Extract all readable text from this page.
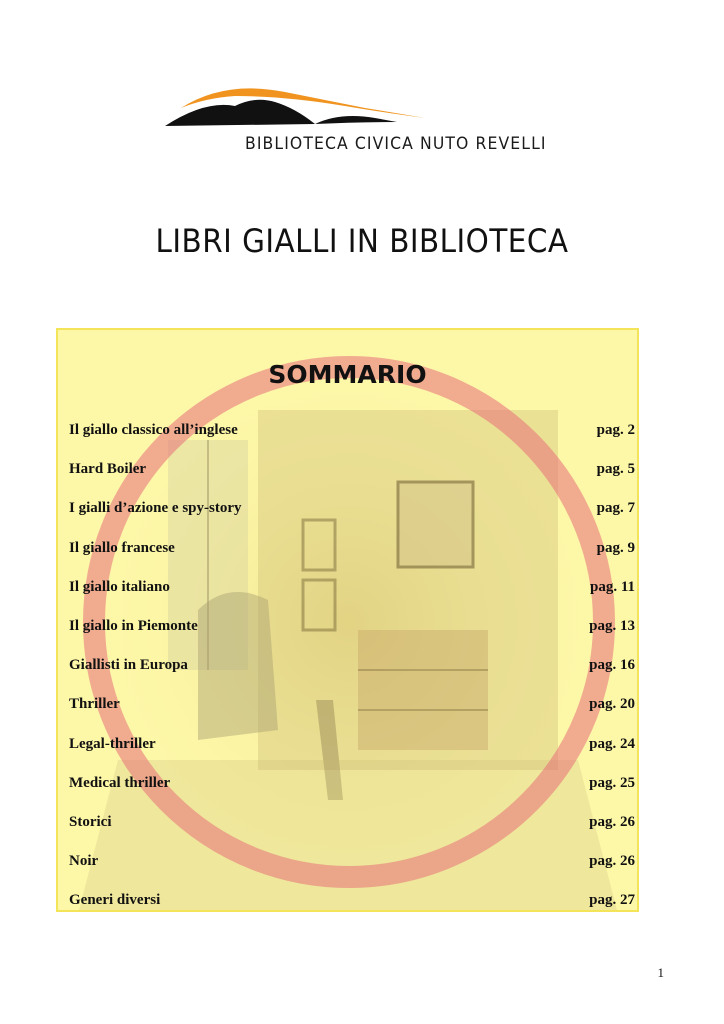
BIBLIOTECA CIVICA NUTO REVELLI
LIBRI GIALLI IN BIBLIOTECA
SOMMARIO
Il giallo classico all’inglese	pag. 2
Hard Boiler	pag. 5
I gialli d’azione e spy-story	pag. 7
Il giallo francese	pag. 9
Il giallo italiano	pag. 11
Il giallo in Piemonte	pag. 13
Giallisti in Europa	pag. 16
Thriller	pag. 20
Legal-thriller	pag. 24
Medical thriller	pag. 25
Storici	pag. 26
Noir	pag. 26
Generi diversi	pag. 27
1
